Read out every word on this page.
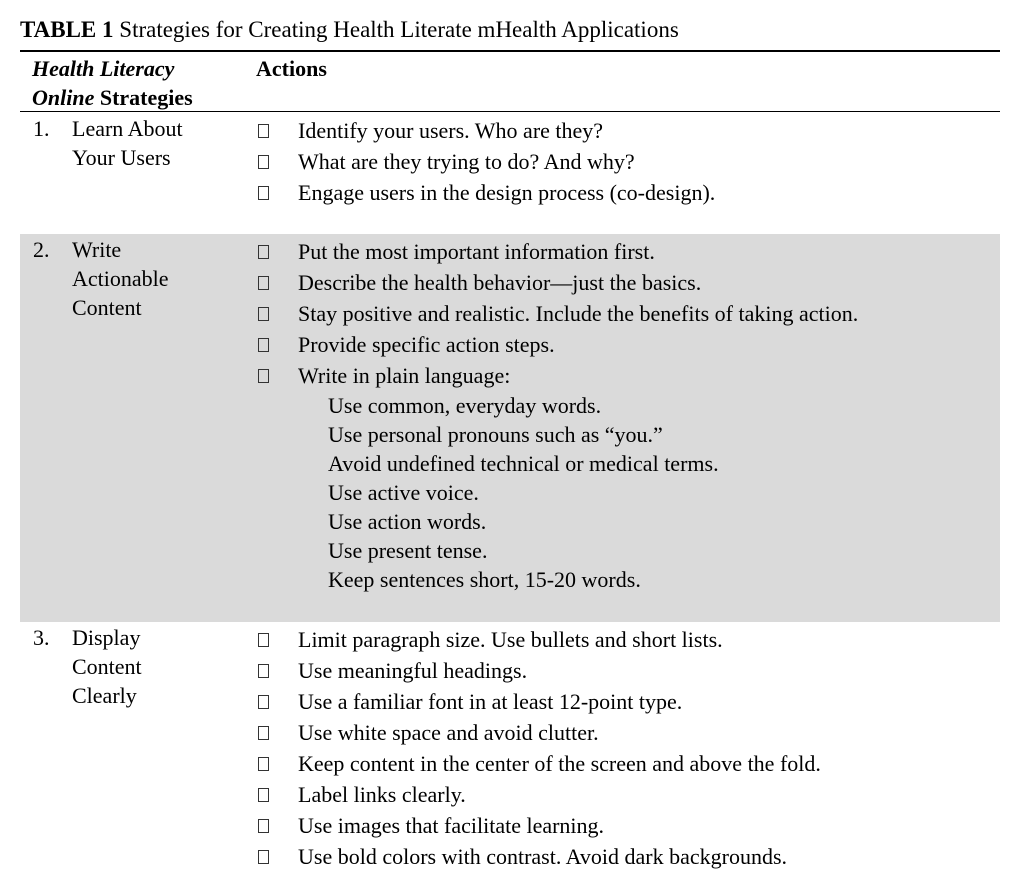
TABLE 1 Strategies for Creating Health Literate mHealth Applications
Health Literacy
Online Strategies
Actions
1. Learn About
Your Users
Identify your users. Who are they?
What are they trying to do? And why?
Engage users in the design process (co-design).
2. Write
Actionable
Content
Put the most important information first.
Describe the health behavior—just the basics.
Stay positive and realistic. Include the benefits of taking action.
Provide specific action steps.
Write in plain language:
Use common, everyday words.
Use personal pronouns such as “you.”
Avoid undefined technical or medical terms.
Use active voice.
Use action words.
Use present tense.
Keep sentences short, 15-20 words.
3. Display
Content
Clearly
Limit paragraph size. Use bullets and short lists.
Use meaningful headings.
Use a familiar font in at least 12-point type.
Use white space and avoid clutter.
Keep content in the center of the screen and above the fold.
Label links clearly.
Use images that facilitate learning.
Use bold colors with contrast. Avoid dark backgrounds.
